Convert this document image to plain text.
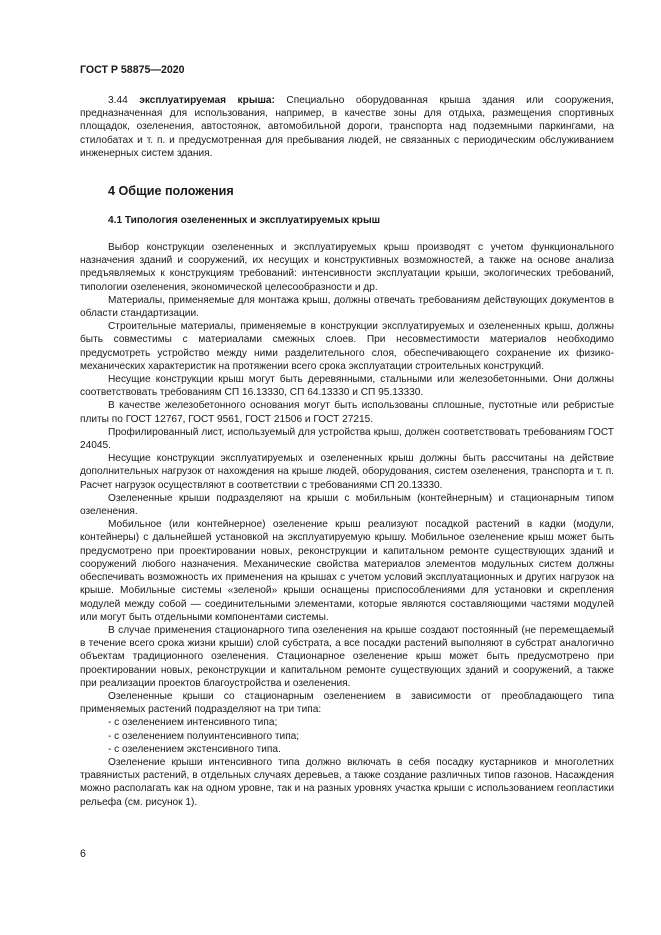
ГОСТ Р 58875—2020

3.44 эксплуатируемая крыша: Специально оборудованная крыша здания или сооружения, предназначенная для использования, например, в качестве зоны для отдыха, размещения спортивных площадок, озеленения, автостоянок, автомобильной дороги, транспорта над подземными паркингами, на стилобатах и т. п. и предусмотренная для пребывания людей, не связанных с периодическим обслуживанием инженерных систем здания.

4 Общие положения
4.1 Типология озелененных и эксплуатируемых крыш

Выбор конструкции озелененных и эксплуатируемых крыш производят с учетом функционального назначения зданий и сооружений, их несущих и конструктивных возможностей, а также на основе анализа предъявляемых к конструкциям требований: интенсивности эксплуатации крыши, экологических требований, типологии озеленения, экономической целесообразности и др.

Материалы, применяемые для монтажа крыш, должны отвечать требованиям действующих документов в области стандартизации.

Строительные материалы, применяемые в конструкции эксплуатируемых и озелененных крыш, должны быть совместимы с материалами смежных слоев. При несовместимости материалов необходимо предусмотреть устройство между ними разделительного слоя, обеспечивающего сохранение их физико-механических характеристик на протяжении всего срока эксплуатации строительных конструкций.

Несущие конструкции крыш могут быть деревянными, стальными или железобетонными. Они должны соответствовать требованиям СП 16.13330, СП 64.13330 и СП 95.13330.

В качестве железобетонного основания могут быть использованы сплошные, пустотные или ребристые плиты по ГОСТ 12767, ГОСТ 9561, ГОСТ 21506 и ГОСТ 27215.

Профилированный лист, используемый для устройства крыш, должен соответствовать требованиям ГОСТ 24045.

Несущие конструкции эксплуатируемых и озелененных крыш должны быть рассчитаны на действие дополнительных нагрузок от нахождения на крыше людей, оборудования, систем озеленения, транспорта и т. п. Расчет нагрузок осуществляют в соответствии с требованиями СП 20.13330.

Озелененные крыши подразделяют на крыши с мобильным (контейнерным) и стационарным типом озеленения.

Мобильное (или контейнерное) озеленение крыш реализуют посадкой растений в кадки (модули, контейнеры) с дальнейшей установкой на эксплуатируемую крышу. Мобильное озеленение крыш может быть предусмотрено при проектировании новых, реконструкции и капитальном ремонте существующих зданий и сооружений любого назначения. Механические свойства материалов элементов модульных систем должны обеспечивать возможность их применения на крышах с учетом условий эксплуатационных и других нагрузок на крыше. Мобильные системы «зеленой» крыши оснащены приспособлениями для установки и скрепления модулей между собой — соединительными элементами, которые являются составляющими частями модулей или могут быть отдельными компонентами системы.

В случае применения стационарного типа озеленения на крыше создают постоянный (не перемещаемый в течение всего срока жизни крыши) слой субстрата, а все посадки растений выполняют в субстрат аналогично объектам традиционного озеленения. Стационарное озеленение крыш может быть предусмотрено при проектировании новых, реконструкции и капитальном ремонте существующих зданий и сооружений, а также при реализации проектов благоустройства и озеленения.

Озелененные крыши со стационарным озеленением в зависимости от преобладающего типа применяемых растений подразделяют на три типа:

- с озеленением интенсивного типа;
- с озеленением полуинтенсивного типа;
- с озеленением экстенсивного типа.

Озеленение крыши интенсивного типа должно включать в себя посадку кустарников и многолетних травянистых растений, в отдельных случаях деревьев, а также создание различных типов газонов. Насаждения можно располагать как на одном уровне, так и на разных уровнях участка крыши с использованием геопластики рельефа (см. рисунок 1).

6
